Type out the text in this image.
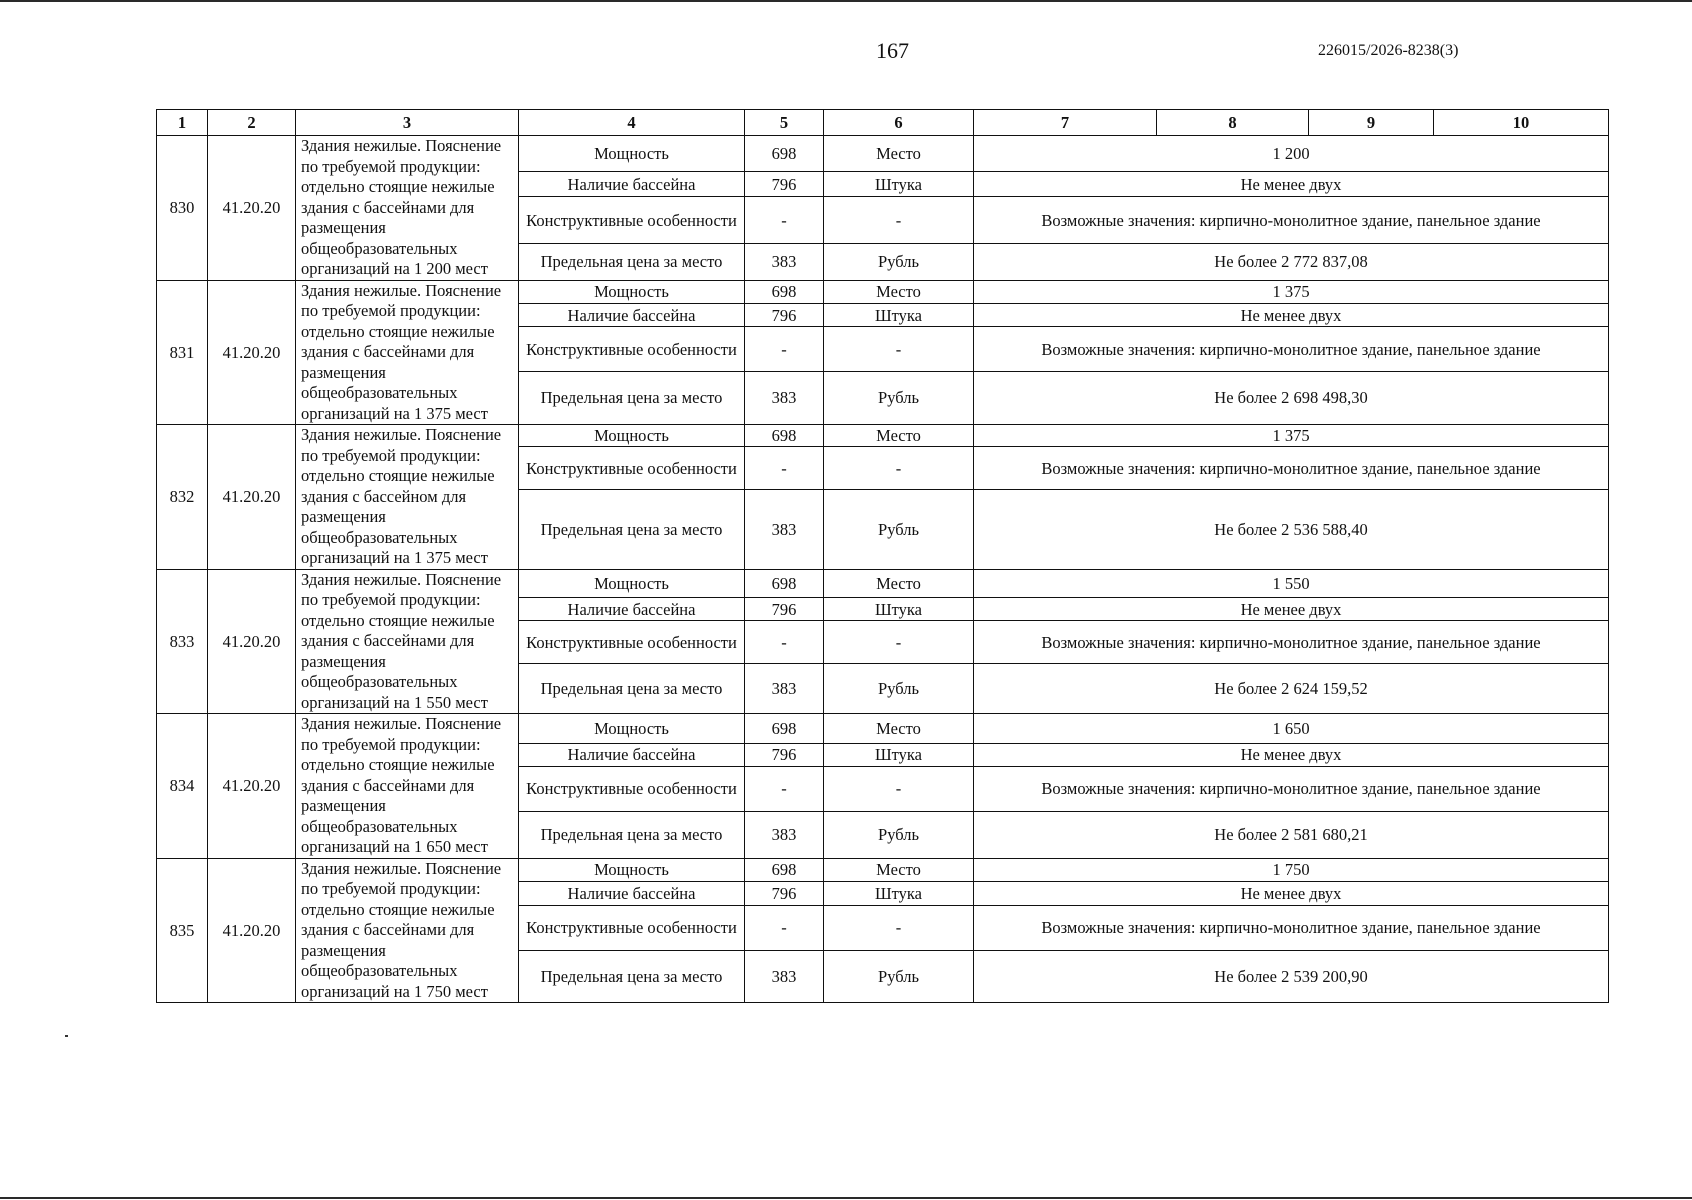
167	226015/2026-8238(3)
1	2	3	4	5	6	7	8	9	10
830	41.20.20	Здания нежилые. Пояснение по требуемой продукции: отдельно стоящие нежилые здания с бассейнами для размещения общеобразовательных организаций на 1 200 мест	Мощность	698	Место	1 200			
			Наличие бассейна	796	Штука	Не менее двух			
			Конструктивные особенности	-	-	Возможные значения: кирпично-монолитное здание, панельное здание			
			Предельная цена за место	383	Рубль	Не более 2 772 837,08			
831	41.20.20	Здания нежилые. Пояснение по требуемой продукции: отдельно стоящие нежилые здания с бассейнами для размещения общеобразовательных организаций на 1 375 мест	Мощность	698	Место	1 375			
			Наличие бассейна	796	Штука	Не менее двух			
			Конструктивные особенности	-	-	Возможные значения: кирпично-монолитное здание, панельное здание			
			Предельная цена за место	383	Рубль	Не более 2 698 498,30			
832	41.20.20	Здания нежилые. Пояснение по требуемой продукции: отдельно стоящие нежилые здания с бассейном для размещения общеобразовательных организаций на 1 375 мест	Мощность	698	Место	1 375			
			Конструктивные особенности	-	-	Возможные значения: кирпично-монолитное здание, панельное здание			
			Предельная цена за место	383	Рубль	Не более 2 536 588,40			
833	41.20.20	Здания нежилые. Пояснение по требуемой продукции: отдельно стоящие нежилые здания с бассейнами для размещения общеобразовательных организаций на 1 550 мест	Мощность	698	Место	1 550			
			Наличие бассейна	796	Штука	Не менее двух			
			Конструктивные особенности	-	-	Возможные значения: кирпично-монолитное здание, панельное здание			
			Предельная цена за место	383	Рубль	Не более 2 624 159,52			
834	41.20.20	Здания нежилые. Пояснение по требуемой продукции: отдельно стоящие нежилые здания с бассейнами для размещения общеобразовательных организаций на 1 650 мест	Мощность	698	Место	1 650			
			Наличие бассейна	796	Штука	Не менее двух			
			Конструктивные особенности	-	-	Возможные значения: кирпично-монолитное здание, панельное здание			
			Предельная цена за место	383	Рубль	Не более 2 581 680,21			
835	41.20.20	Здания нежилые. Пояснение по требуемой продукции: отдельно стоящие нежилые здания с бассейнами для размещения общеобразовательных организаций на 1 750 мест	Мощность	698	Место	1 750			
			Наличие бассейна	796	Штука	Не менее двух			
			Конструктивные особенности	-	-	Возможные значения: кирпично-монолитное здание, панельное здание			
			Предельная цена за место	383	Рубль	Не более 2 539 200,90			
